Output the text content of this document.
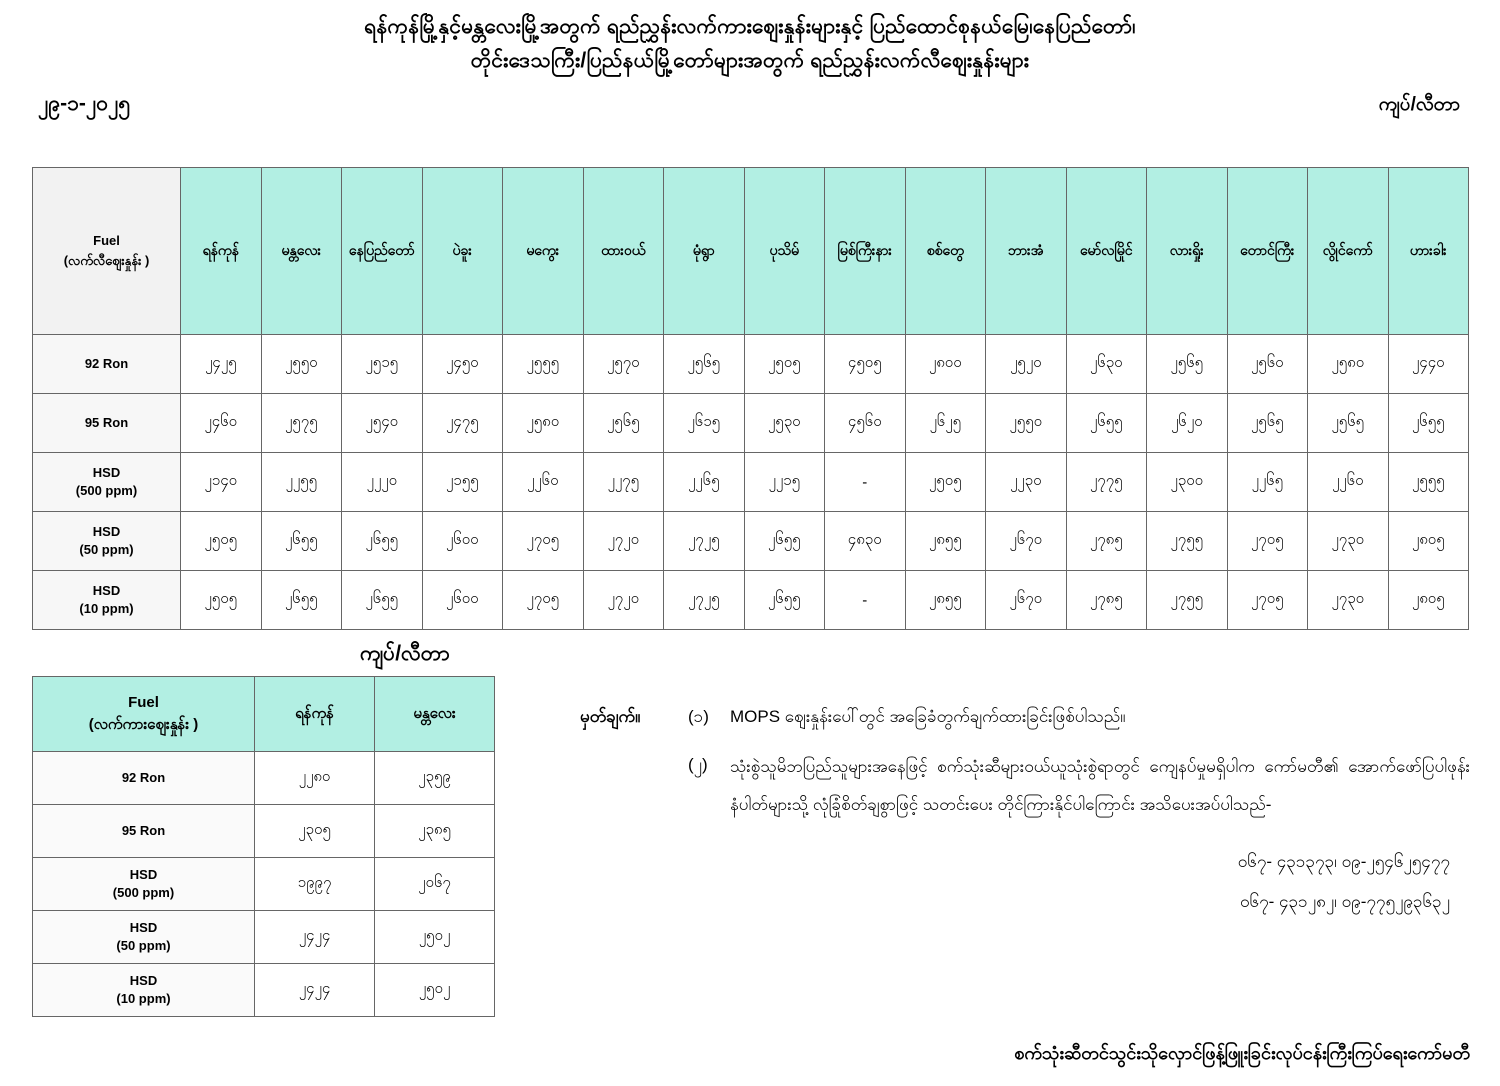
ရန်ကုန်မြို့နှင့်မန္တလေးမြို့အတွက် ရည်ညွှန်းလက်ကားဈေးနှုန်းများနှင့် ပြည်ထောင်စုနယ်မြေ၊နေပြည်တော်၊
တိုင်းဒေသကြီး/ပြည်နယ်မြို့တော်များအတွက် ရည်ညွှန်းလက်လီဈေးနှုန်းများ
၂၉-၁-၂၀၂၅	ကျပ်/လီတာ
Fuel
(လက်လီဈေးနှုန်း )	ရန်ကုန်	မန္တလေး	နေပြည်တော်	ပဲခူး	မကွေး	ထားဝယ်	မုံရွာ	ပုသိမ်	မြစ်ကြီးနား	စစ်တွေ	ဘားအံ	မော်လမြိုင်	လားရှိုး	တောင်ကြီး	လွိုင်ကော်	ဟားခါး

92 Ron	၂၄၂၅	၂၅၅၀	၂၅၁၅	၂၄၅၀	၂၅၅၅	၂၅၇၀	၂၅၆၅	၂၅၀၅	၄၅၀၅	၂၈၀၀	၂၅၂၀	၂၆၃၀	၂၅၆၅	၂၅၆၀	၂၅၈၀	၂၄၄၀

95 Ron	၂၄၆၀	၂၅၇၅	၂၅၄၀	၂၄၇၅	၂၅၈၀	၂၅၆၅	၂၆၁၅	၂၅၃၀	၄၅၆၀	၂၆၂၅	၂၅၅၀	၂၆၅၅	၂၆၂၀	၂၅၆၅	၂၅၆၅	၂၆၅၅

HSD
(500 ppm)	၂၁၄၀	၂၂၅၅	၂၂၂၀	၂၁၅၅	၂၂၆၀	၂၂၇၅	၂၂၆၅	၂၂၁၅	-	၂၅၀၅	၂၂၃၀	၂၇၇၅	၂၃၀၀	၂၂၆၅	၂၂၆၀	၂၅၅၅

HSD
(50 ppm)	၂၅၀၅	၂၆၅၅	၂၆၅၅	၂၆၀၀	၂၇၀၅	၂၇၂၀	၂၇၂၅	၂၆၅၅	၄၈၃၀	၂၈၅၅	၂၆၇၀	၂၇၈၅	၂၇၅၅	၂၇၀၅	၂၇၃၀	၂၈၀၅

HSD
(10 ppm)	၂၅၀၅	၂၆၅၅	၂၆၅၅	၂၆၀၀	၂၇၀၅	၂၇၂၀	၂၇၂၅	၂၆၅၅	-	၂၈၅၅	၂၆၇၀	၂၇၈၅	၂၇၅၅	၂၇၀၅	၂၇၃၀	၂၈၀၅
ကျပ်/လီတာ
Fuel
(လက်ကားဈေးနှုန်း )	ရန်ကုန်	မန္တလေး

92 Ron	၂၂၈၀	၂၃၅၉

95 Ron	၂၃၀၅	၂၃၈၅

HSD
(500 ppm)	၁၉၉၇	၂၀၆၇

HSD
(50 ppm)	၂၄၂၄	၂၅၀၂

HSD
(10 ppm)	၂၄၂၄	၂၅၀၂
မှတ်ချက်။	(၁)	MOPS ဈေးနှုန်းပေါ်တွင် အခြေခံတွက်ချက်ထားခြင်းဖြစ်ပါသည်။
(၂)	သုံးစွဲသူမိဘပြည်သူများအနေဖြင့် စက်သုံးဆီများဝယ်ယူသုံးစွဲရာတွင် ကျေနပ်မှုမရှိပါက ကော်မတီ၏ အောက်ဖော်ပြပါဖုန်းနံပါတ်များသို့ လုံခြုံစိတ်ချစွာဖြင့် သတင်းပေး တိုင်ကြားနိုင်ပါကြောင်း အသိပေးအပ်ပါသည်-
၀၆၇- ၄၃၁၃၇၃၊ ၀၉-၂၅၄၆၂၅၄၇၇
၀၆၇- ၄၃၁၂၈၂၊ ၀၉-၇၇၅၂၉၃၆၃၂
စက်သုံးဆီတင်သွင်းသိုလှောင်ဖြန့်ဖြူးခြင်းလုပ်ငန်းကြီးကြပ်ရေးကော်မတီ
